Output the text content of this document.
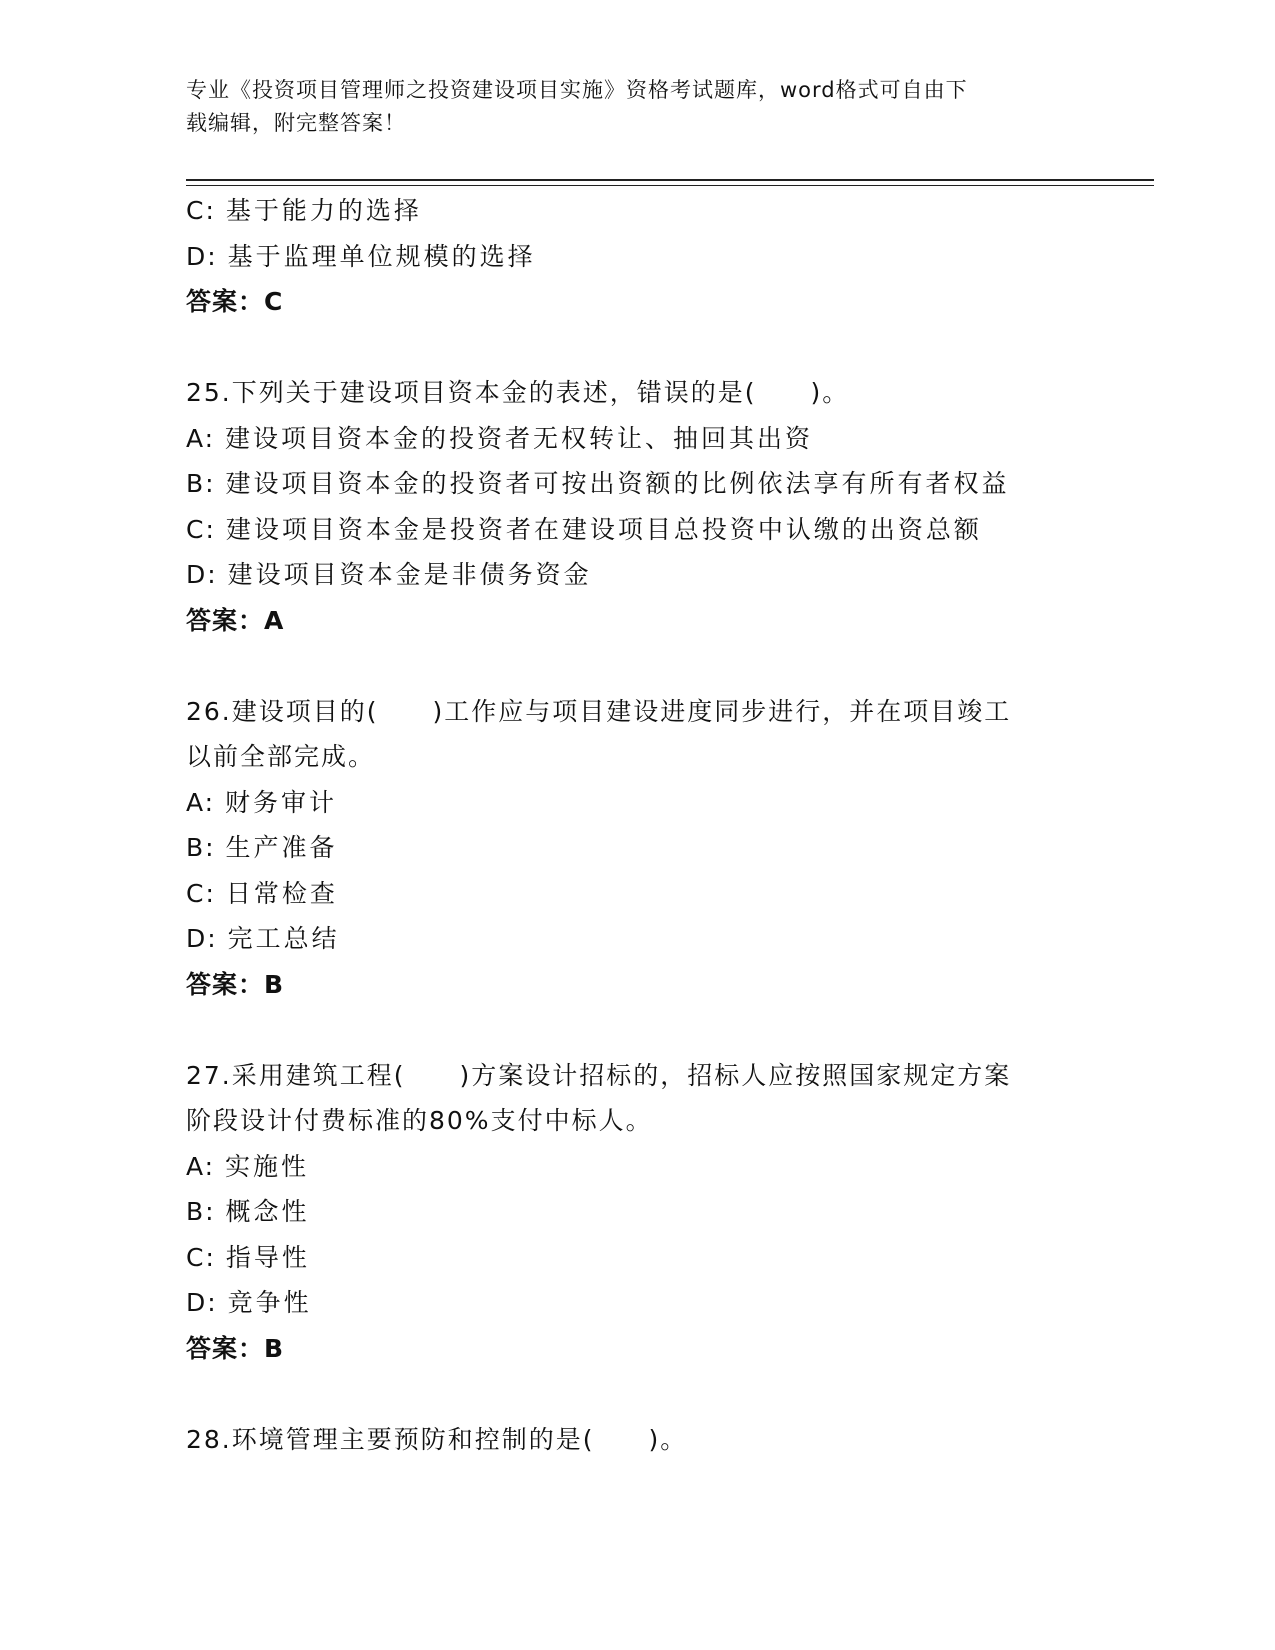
专业《投资项目管理师之投资建设项目实施》资格考试题库，word格式可自由下
载编辑，附完整答案！
C: 基于能力的选择
D: 基于监理单位规模的选择
答案：C
25.下列关于建设项目资本金的表述，错误的是(　　)。
A: 建设项目资本金的投资者无权转让、抽回其出资
B: 建设项目资本金的投资者可按出资额的比例依法享有所有者权益
C: 建设项目资本金是投资者在建设项目总投资中认缴的出资总额
D: 建设项目资本金是非债务资金
答案：A
26.建设项目的(　　)工作应与项目建设进度同步进行，并在项目竣工
以前全部完成。
A: 财务审计
B: 生产准备
C: 日常检查
D: 完工总结
答案：B
27.采用建筑工程(　　)方案设计招标的，招标人应按照国家规定方案
阶段设计付费标准的80%支付中标人。
A: 实施性
B: 概念性
C: 指导性
D: 竞争性
答案：B
28.环境管理主要预防和控制的是(　　)。
